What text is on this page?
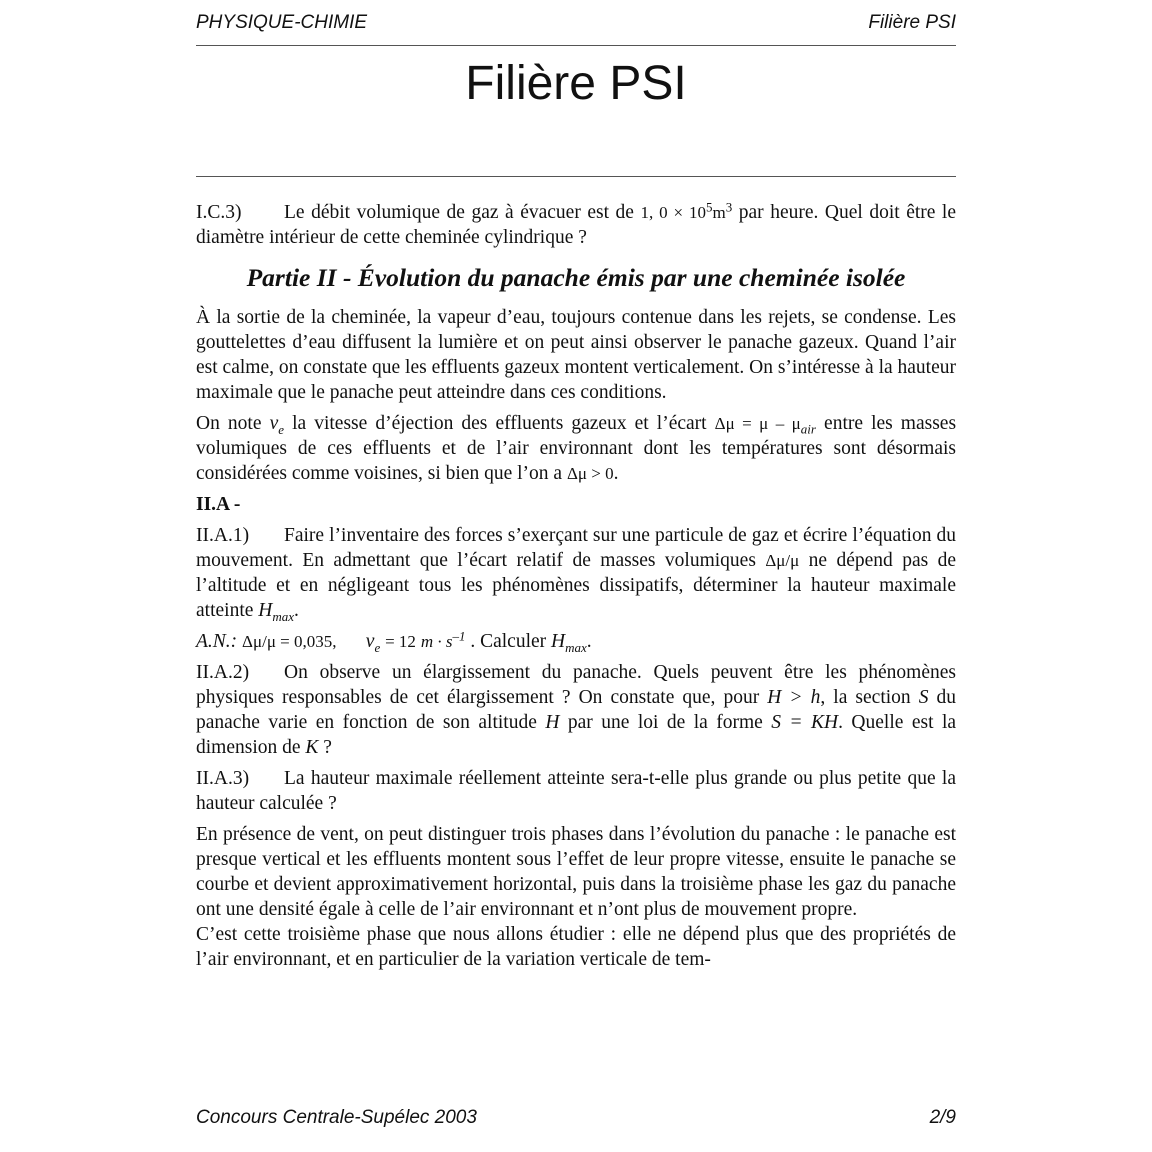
PHYSIQUE-CHIMIE	Filière PSI
Filière PSI

I.C.3) Le débit volumique de gaz à évacuer est de 1, $0 \times 10^5m^3$ par heure. Quel doit être le diamètre intérieur de cette cheminée cylindrique ?

Partie II - Évolution du panache émis par une cheminée isolée

À la sortie de la cheminée, la vapeur d’eau, toujours contenue dans les rejets, se condense. Les gouttelettes d’eau diffusent la lumière et on peut ainsi observer le panache gazeux. Quand l’air est calme, on constate que les effluents gazeux montent verticalement. On s’intéresse à la hauteur maximale que le panache peut atteindre dans ces conditions.

On note $v_e$ la vitesse d’éjection des effluents gazeux et l’écart $\Delta\mu = \mu - \mu_{air}$ entre les masses volumiques de ces effluents et de l’air environnant dont les températures sont désormais considérées comme voisines, si bien que l’on a Δμ > 0.

II.A -

II.A.1) Faire l’inventaire des forces s’exerçant sur une particule de gaz et écrire l’équation du mouvement. En admettant que l’écart relatif de masses volumiques Δμ/μ ne dépend pas de l’altitude et en négligeant tous les phénomènes dissipatifs, déterminer la hauteur maximale atteinte $H_{max}$.

A.N.: Δμ/μ = 0,035, $v_e = 12$ $m \cdot s^{-1}$ . Calculer $H_{max}$.

II.A.2) On observe un élargissement du panache. Quels peuvent être les phénomènes physiques responsables de cet élargissement ? On constate que, pour H > h, la section S du panache varie en fonction de son altitude H par une loi de la forme S = KH. Quelle est la dimension de K ?

II.A.3) La hauteur maximale réellement atteinte sera-t-elle plus grande ou plus petite que la hauteur calculée ?

En présence de vent, on peut distinguer trois phases dans l’évolution du panache : le panache est presque vertical et les effluents montent sous l’effet de leur propre vitesse, ensuite le panache se courbe et devient approximativement horizontal, puis dans la troisième phase les gaz du panache ont une densité égale à celle de l’air environnant et n’ont plus de mouvement propre.

C’est cette troisième phase que nous allons étudier : elle ne dépend plus que des propriétés de l’air environnant, et en particulier de la variation verticale de tem-

Concours Centrale-Supélec 2003	2/9
